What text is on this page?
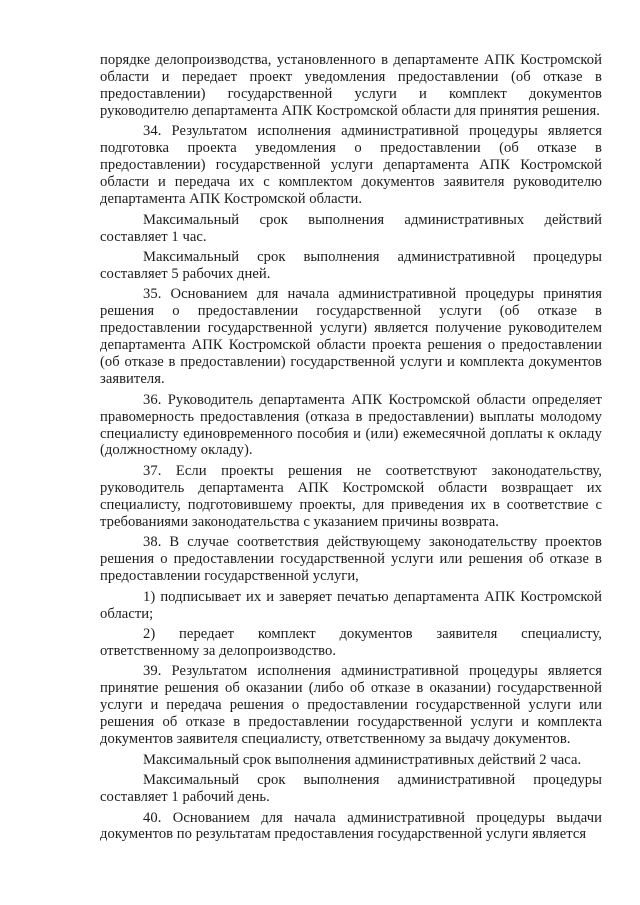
порядке делопроизводства, установленного в департаменте АПК Костромской области и передает проект уведомления предоставлении (об отказе в предоставлении) государственной услуги и комплект документов руководителю департамента АПК Костромской области для принятия решения.

34. Результатом исполнения административной процедуры является подготовка проекта уведомления о предоставлении (об отказе в предоставлении) государственной услуги департамента АПК Костромской области и передача их с комплектом документов заявителя руководителю департамента АПК Костромской области.

Максимальный срок выполнения административных действий составляет 1 час.

Максимальный срок выполнения административной процедуры составляет 5 рабочих дней.

35. Основанием для начала административной процедуры принятия решения о предоставлении государственной услуги (об отказе в предоставлении государственной услуги) является получение руководителем департамента АПК Костромской области проекта решения о предоставлении (об отказе в предоставлении) государственной услуги и комплекта документов заявителя.

36. Руководитель департамента АПК Костромской области определяет правомерность предоставления (отказа в предоставлении) выплаты молодому специалисту единовременного пособия и (или) ежемесячной доплаты к окладу (должностному окладу).

37. Если проекты решения не соответствуют законодательству, руководитель департамента АПК Костромской области возвращает их специалисту, подготовившему проекты, для приведения их в соответствие с требованиями законодательства с указанием причины возврата.

38. В случае соответствия действующему законодательству проектов решения о предоставлении государственной услуги или решения об отказе в предоставлении государственной услуги,

1) подписывает их и заверяет печатью департамента АПК Костромской области;

2) передает комплект документов заявителя специалисту, ответственному за делопроизводство.

39. Результатом исполнения административной процедуры является принятие решения об оказании (либо об отказе в оказании) государственной услуги и передача решения о предоставлении государственной услуги или решения об отказе в предоставлении государственной услуги и комплекта документов заявителя специалисту, ответственному за выдачу документов.

Максимальный срок выполнения административных действий 2 часа.

Максимальный срок выполнения административной процедуры составляет 1 рабочий день.

40. Основанием для начала административной процедуры выдачи документов по результатам предоставления государственной услуги является
